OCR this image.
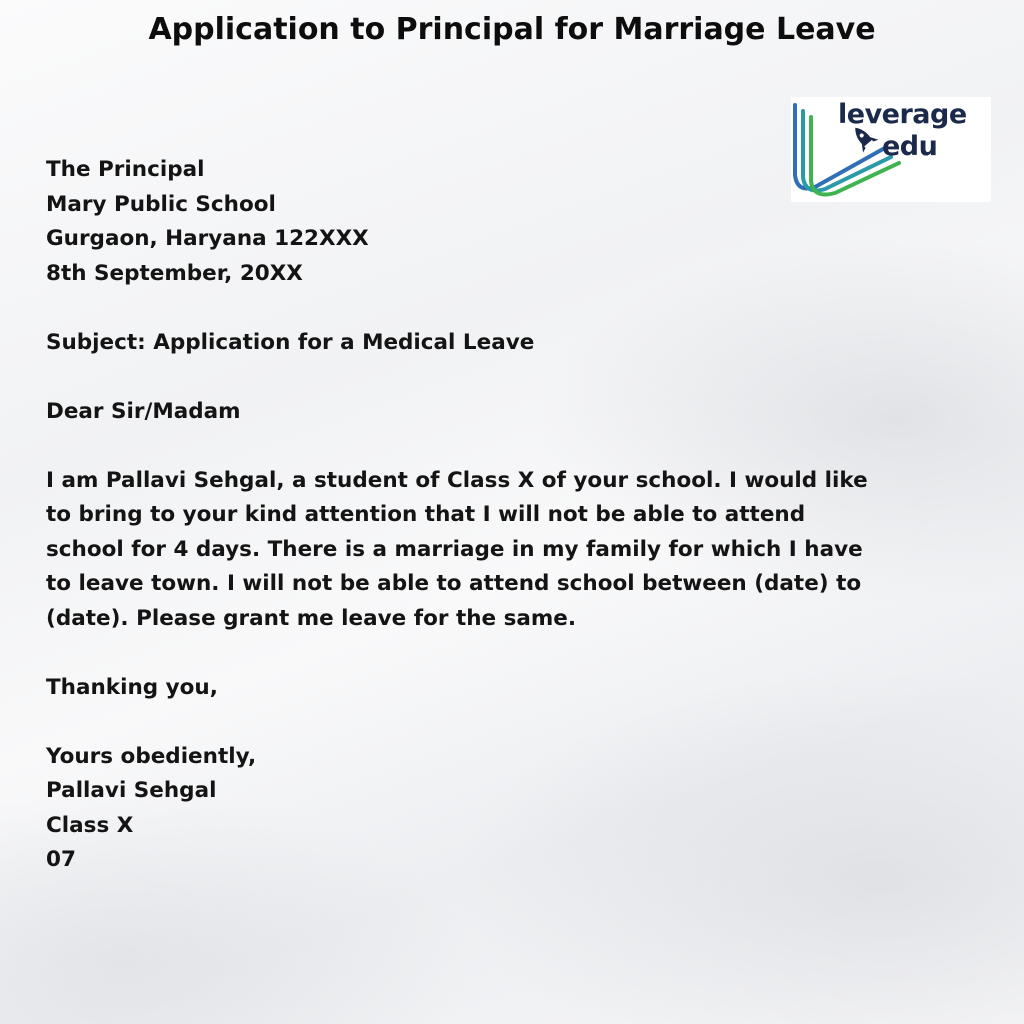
Application to Principal for Marriage Leave
leverage
edu
The Principal
Mary Public School
Gurgaon, Haryana 122XXX
8th September, 20XX
Subject: Application for a Medical Leave
Dear Sir/Madam
I am Pallavi Sehgal, a student of Class X of your school. I would like
to bring to your kind attention that I will not be able to attend
school for 4 days. There is a marriage in my family for which I have
to leave town. I will not be able to attend school between (date) to
(date). Please grant me leave for the same.
Thanking you,
Yours obediently,
Pallavi Sehgal
Class X
07
